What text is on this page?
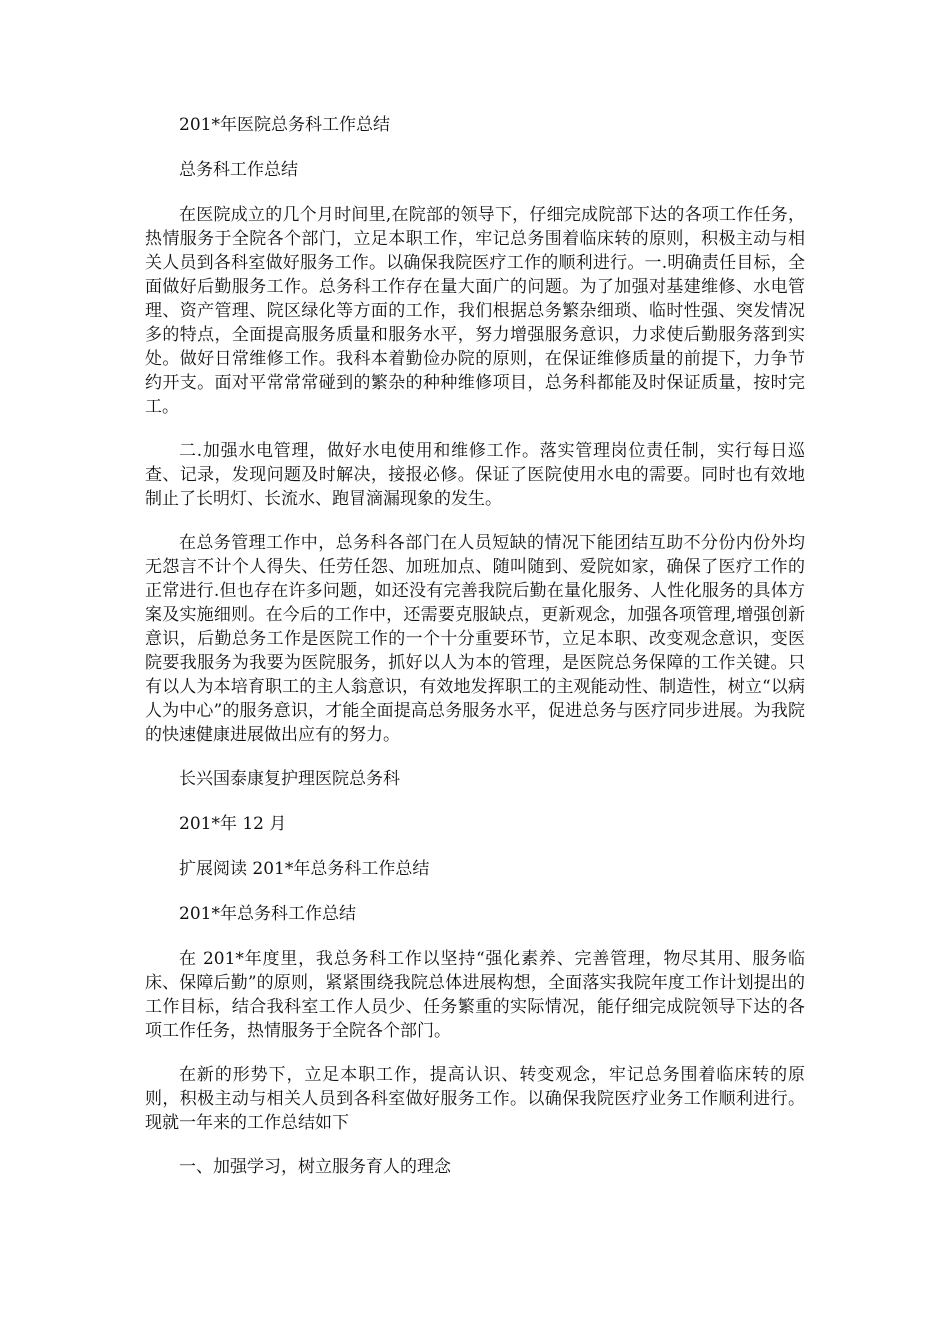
201*年医院总务科工作总结

总务科工作总结

在医院成立的几个月时间里,在院部的领导下，仔细完成院部下达的各项工作任务，热情服务于全院各个部门，立足本职工作，牢记总务围着临床转的原则，积极主动与相关人员到各科室做好服务工作。以确保我院医疗工作的顺利进行。一.明确责任目标，全面做好后勤服务工作。总务科工作存在量大面广的问题。为了加强对基建维修、水电管理、资产管理、院区绿化等方面的工作，我们根据总务繁杂细琐、临时性强、突发情况多的特点，全面提高服务质量和服务水平，努力增强服务意识，力求使后勤服务落到实处。做好日常维修工作。我科本着勤俭办院的原则，在保证维修质量的前提下，力争节约开支。面对平常常常碰到的繁杂的种种维修项目，总务科都能及时保证质量，按时完工。

二.加强水电管理，做好水电使用和维修工作。落实管理岗位责任制，实行每日巡查、记录，发现问题及时解决，接报必修。保证了医院使用水电的需要。同时也有效地制止了长明灯、长流水、跑冒滴漏现象的发生。

在总务管理工作中，总务科各部门在人员短缺的情况下能团结互助不分份内份外均无怨言不计个人得失、任劳任怨、加班加点、随叫随到、爱院如家，确保了医疗工作的正常进行.但也存在许多问题，如还没有完善我院后勤在量化服务、人性化服务的具体方案及实施细则。在今后的工作中，还需要克服缺点，更新观念，加强各项管理,增强创新意识，后勤总务工作是医院工作的一个十分重要环节，立足本职、改变观念意识，变医院要我服务为我要为医院服务，抓好以人为本的管理，是医院总务保障的工作关键。只有以人为本培育职工的主人翁意识，有效地发挥职工的主观能动性、制造性，树立“以病人为中心”的服务意识，才能全面提高总务服务水平，促进总务与医疗同步进展。为我院的快速健康进展做出应有的努力。

长兴国泰康复护理医院总务科

201*年 12 月

扩展阅读 201*年总务科工作总结

201*年总务科工作总结

在 201*年度里，我总务科工作以坚持“强化素养、完善管理，物尽其用、服务临床、保障后勤”的原则，紧紧围绕我院总体进展构想，全面落实我院年度工作计划提出的工作目标，结合我科室工作人员少、任务繁重的实际情况，能仔细完成院领导下达的各项工作任务，热情服务于全院各个部门。

在新的形势下，立足本职工作，提高认识、转变观念，牢记总务围着临床转的原则，积极主动与相关人员到各科室做好服务工作。以确保我院医疗业务工作顺利进行。现就一年来的工作总结如下

一、加强学习，树立服务育人的理念
